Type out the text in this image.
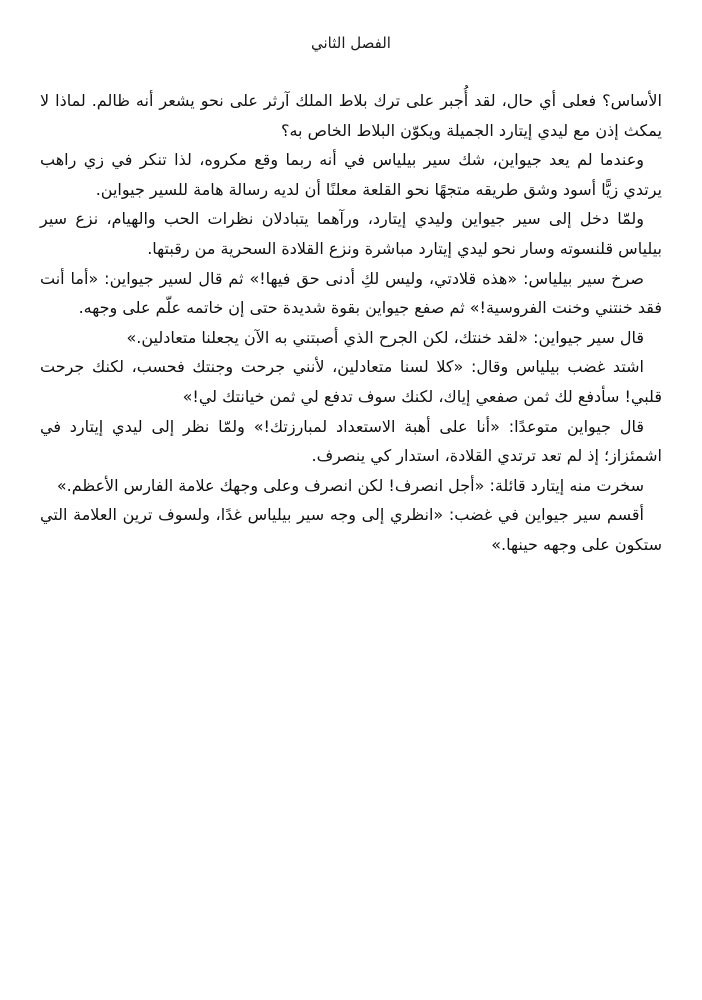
الفصل الثاني

الأساس؟ فعلى أي حال، لقد أُجبر على ترك بلاط الملك آرثر على نحو يشعر أنه ظالم. لماذا لا يمكث إذن مع ليدي إيتارد الجميلة ويكوّن البلاط الخاص به؟

وعندما لم يعد جيواين، شك سير بيلياس في أنه ربما وقع مكروه، لذا تنكر في زي راهب يرتدي زيًّا أسود وشق طريقه متجهًا نحو القلعة معلنًا أن لديه رسالة هامة للسير جيواين.

ولمّا دخل إلى سير جيواين وليدي إيتارد، ورآهما يتبادلان نظرات الحب والهيام، نزع سير بيلياس قلنسوته وسار نحو ليدي إيتارد مباشرة ونزع القلادة السحرية من رقبتها.

صرخ سير بيلياس: «هذه قلادتي، وليس لكِ أدنى حق فيها!» ثم قال لسير جيواين: «أما أنت فقد خنتني وخنت الفروسية!» ثم صفع جيواين بقوة شديدة حتى إن خاتمه علّم على وجهه.

قال سير جيواين: «لقد خنتك، لكن الجرح الذي أصبتني به الآن يجعلنا متعادلين.»

اشتد غضب بيلياس وقال: «كلا لسنا متعادلين، لأنني جرحت وجنتك فحسب، لكنك جرحت قلبي! سأدفع لك ثمن صفعي إياك، لكنك سوف تدفع لي ثمن خيانتك لي!»

قال جيواين متوعدًا: «أنا على أهبة الاستعداد لمبارزتك!» ولمّا نظر إلى ليدي إيتارد في اشمئزاز؛ إذ لم تعد ترتدي القلادة، استدار كي ينصرف.

سخرت منه إيتارد قائلة: «أجل انصرف! لكن انصرف وعلى وجهك علامة الفارس الأعظم.»

أقسم سير جيواين في غضب: «انظري إلى وجه سير بيلياس غدًا، ولسوف ترين العلامة التي ستكون على وجهه حينها.»
